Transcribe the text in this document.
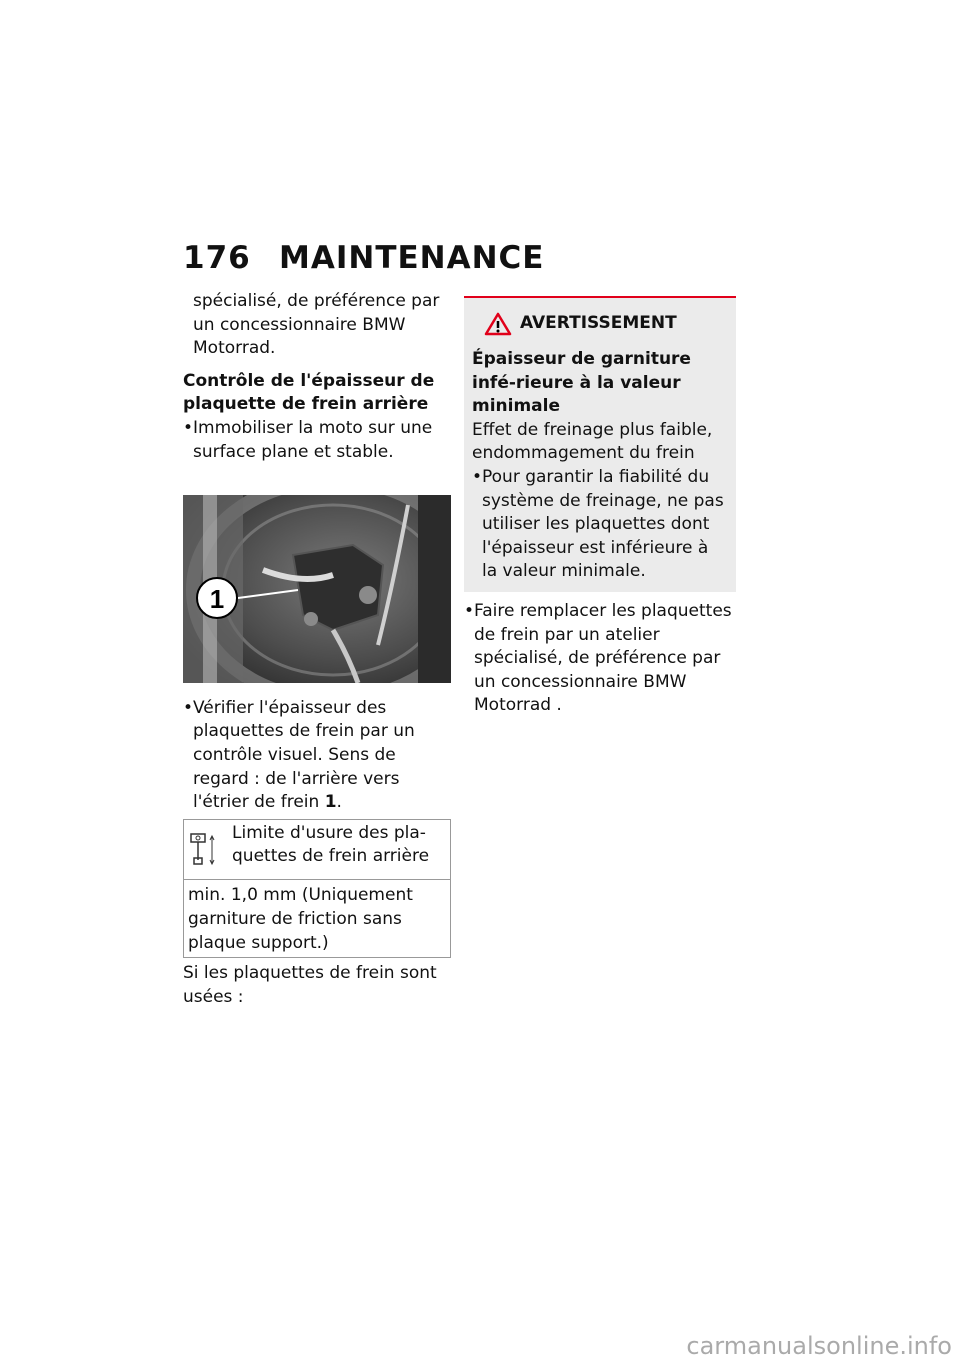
176 MAINTENANCE
spécialisé, de préférence par un concessionnaire BMW Motorrad.
Contrôle de l'épaisseur de plaquette de frein arrière
• Immobiliser la moto sur une surface plane et stable.
1
• Vérifier l'épaisseur des plaquettes de frein par un contrôle visuel. Sens de regard : de l'arrière vers l'étrier de frein 1.
Limite d'usure des pla-quettes de frein arrière
min. 1,0 mm (Uniquement garniture de friction sans plaque support.)
Si les plaquettes de frein sont usées :
AVERTISSEMENT
Épaisseur de garniture infé-rieure à la valeur minimale
Effet de freinage plus faible, endommagement du frein
• Pour garantir la fiabilité du système de freinage, ne pas utiliser les plaquettes dont l'épaisseur est inférieure à la valeur minimale.
• Faire remplacer les plaquettes de frein par un atelier spécialisé, de préférence par un concessionnaire BMW Motorrad .
carmanualsonline.info
